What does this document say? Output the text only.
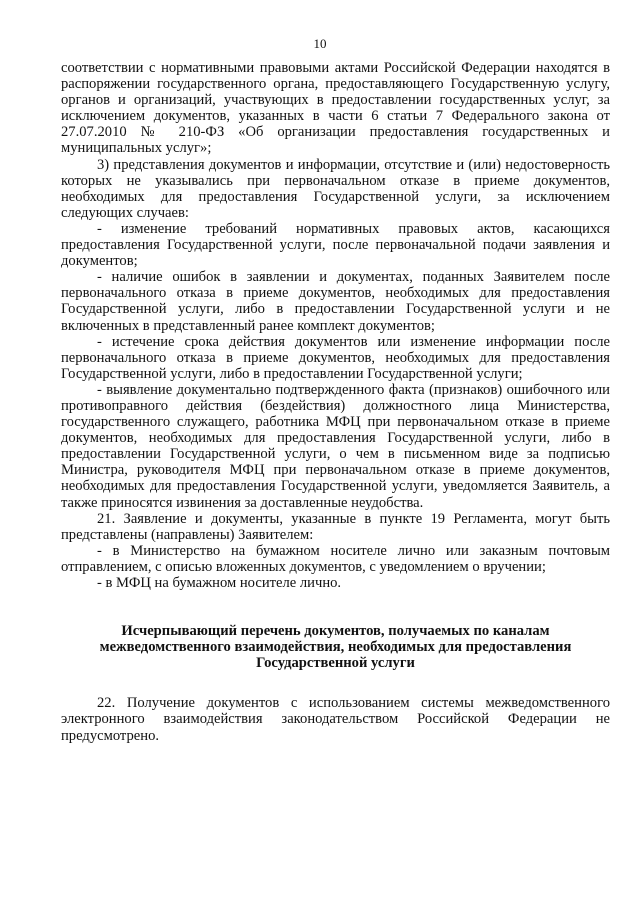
10

соответствии с нормативными правовыми актами Российской Федерации находятся в распоряжении государственного органа, предоставляющего Государственную услугу, органов и организаций, участвующих в предоставлении государственных услуг, за исключением документов, указанных в части 6 статьи 7 Федерального закона от 27.07.2010 № 210-ФЗ «Об организации предоставления государственных и муниципальных услуг»;

3) представления документов и информации, отсутствие и (или) недостоверность которых не указывались при первоначальном отказе в приеме документов, необходимых для предоставления Государственной услуги, за исключением следующих случаев:

- изменение требований нормативных правовых актов, касающихся предоставления Государственной услуги, после первоначальной подачи заявления и документов;

- наличие ошибок в заявлении и документах, поданных Заявителем после первоначального отказа в приеме документов, необходимых для предоставления Государственной услуги, либо в предоставлении Государственной услуги и не включенных в представленный ранее комплект документов;

- истечение срока действия документов или изменение информации после первоначального отказа в приеме документов, необходимых для предоставления Государственной услуги, либо в предоставлении Государственной услуги;

- выявление документально подтвержденного факта (признаков) ошибочного или противоправного действия (бездействия) должностного лица Министерства, государственного служащего, работника МФЦ при первоначальном отказе в приеме документов, необходимых для предоставления Государственной услуги, либо в предоставлении Государственной услуги, о чем в письменном виде за подписью Министра, руководителя МФЦ при первоначальном отказе в приеме документов, необходимых для предоставления Государственной услуги, уведомляется Заявитель, а также приносятся извинения за доставленные неудобства.

21. Заявление и документы, указанные в пункте 19 Регламента, могут быть представлены (направлены) Заявителем:

- в Министерство на бумажном носителе лично или заказным почтовым отправлением, с описью вложенных документов, с уведомлением о вручении;

- в МФЦ на бумажном носителе лично.

Исчерпывающий перечень документов, получаемых по каналам межведомственного взаимодействия, необходимых для предоставления Государственной услуги

22. Получение документов с использованием системы межведомственного электронного взаимодействия законодательством Российской Федерации не предусмотрено.
